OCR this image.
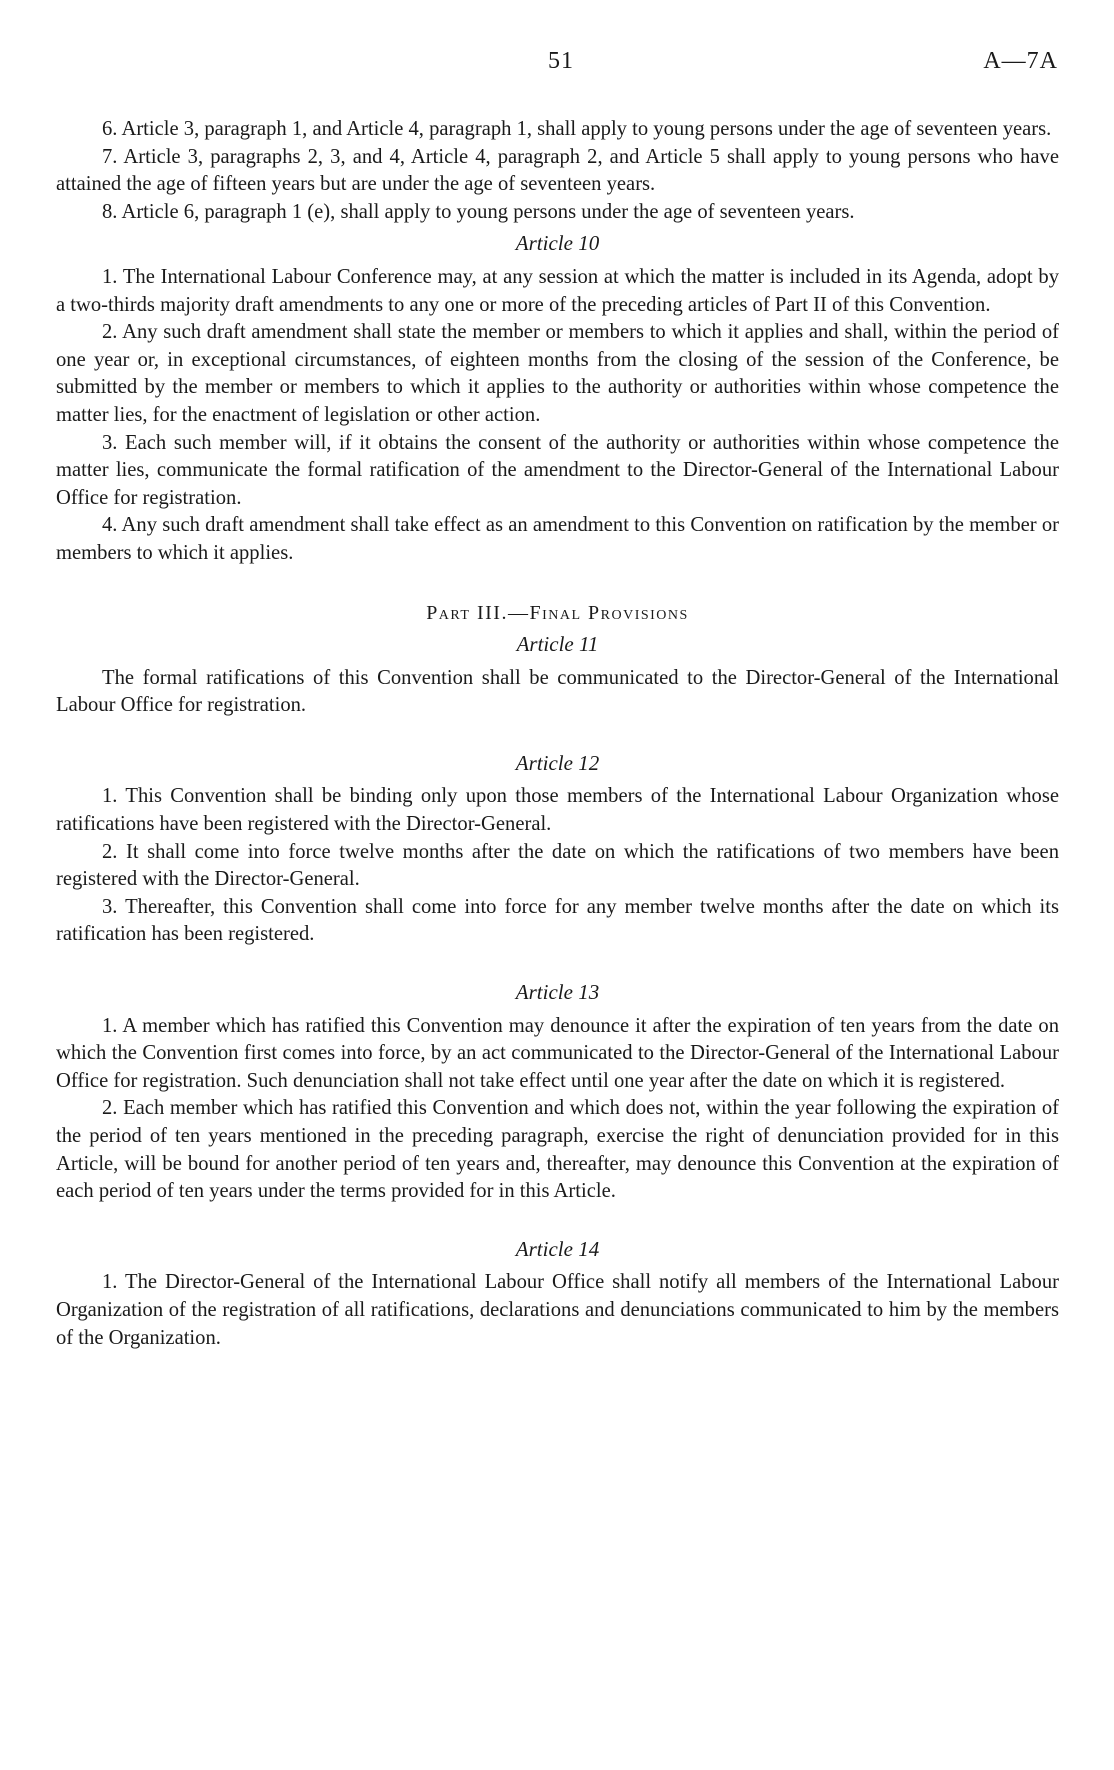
51	A—7A

6. Article 3, paragraph 1, and Article 4, paragraph 1, shall apply to young persons under the age of seventeen years.

7. Article 3, paragraphs 2, 3, and 4, Article 4, paragraph 2, and Article 5 shall apply to young persons who have attained the age of fifteen years but are under the age of seventeen years.

8. Article 6, paragraph 1 (e), shall apply to young persons under the age of seventeen years.

Article 10

1. The International Labour Conference may, at any session at which the matter is included in its Agenda, adopt by a two-thirds majority draft amendments to any one or more of the preceding articles of Part II of this Convention.

2. Any such draft amendment shall state the member or members to which it applies and shall, within the period of one year or, in exceptional circumstances, of eighteen months from the closing of the session of the Conference, be submitted by the member or members to which it applies to the authority or authorities within whose competence the matter lies, for the enactment of legislation or other action.

3. Each such member will, if it obtains the consent of the authority or authorities within whose competence the matter lies, communicate the formal ratification of the amendment to the Director-General of the International Labour Office for registration.

4. Any such draft amendment shall take effect as an amendment to this Convention on ratification by the member or members to which it applies.

Part III.—Final Provisions

Article 11

The formal ratifications of this Convention shall be communicated to the Director-General of the International Labour Office for registration.

Article 12

1. This Convention shall be binding only upon those members of the International Labour Organization whose ratifications have been registered with the Director-General.

2. It shall come into force twelve months after the date on which the ratifications of two members have been registered with the Director-General.

3. Thereafter, this Convention shall come into force for any member twelve months after the date on which its ratification has been registered.

Article 13

1. A member which has ratified this Convention may denounce it after the expiration of ten years from the date on which the Convention first comes into force, by an act communicated to the Director-General of the International Labour Office for registration. Such denunciation shall not take effect until one year after the date on which it is registered.

2. Each member which has ratified this Convention and which does not, within the year following the expiration of the period of ten years mentioned in the preceding paragraph, exercise the right of denunciation provided for in this Article, will be bound for another period of ten years and, thereafter, may denounce this Convention at the expiration of each period of ten years under the terms provided for in this Article.

Article 14

1. The Director-General of the International Labour Office shall notify all members of the International Labour Organization of the registration of all ratifications, declarations and denunciations communicated to him by the members of the Organization.
